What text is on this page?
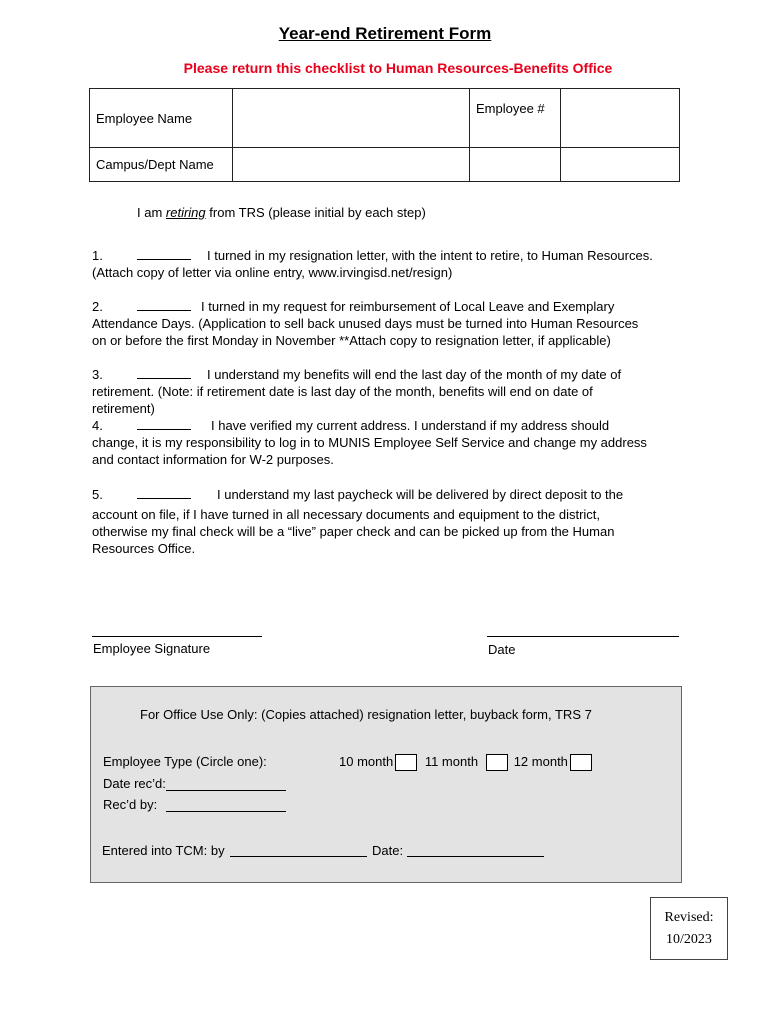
Year-end Retirement Form
Please return this checklist to Human Resources-Benefits Office
Employee Name		Employee #	
Campus/Dept Name			
I am retiring from TRS (please initial by each step)
1.	I turned in my resignation letter, with the intent to retire, to Human Resources.
(Attach copy of letter via online entry, www.irvingisd.net/resign)
2.	I turned in my request for reimbursement of Local Leave and Exemplary
Attendance Days. (Application to sell back unused days must be turned into Human Resources
on or before the first Monday in November **Attach copy to resignation letter, if applicable)
3.	I understand my benefits will end the last day of the month of my date of
retirement. (Note: if retirement date is last day of the month, benefits will end on date of
retirement)
4.	I have verified my current address. I understand if my address should
change, it is my responsibility to log in to MUNIS Employee Self Service and change my address
and contact information for W-2 purposes.
5.	I understand my last paycheck will be delivered by direct deposit to the
account on file, if I have turned in all necessary documents and equipment to the district,
otherwise my final check will be a “live” paper check and can be picked up from the Human
Resources Office.
Employee Signature	Date
For Office Use Only: (Copies attached) resignation letter, buyback form, TRS 7
Employee Type (Circle one):	10 month 11 month	12 month
Date rec’d:
Rec’d by:
Entered into TCM: by	Date:
Revised:
10/2023
